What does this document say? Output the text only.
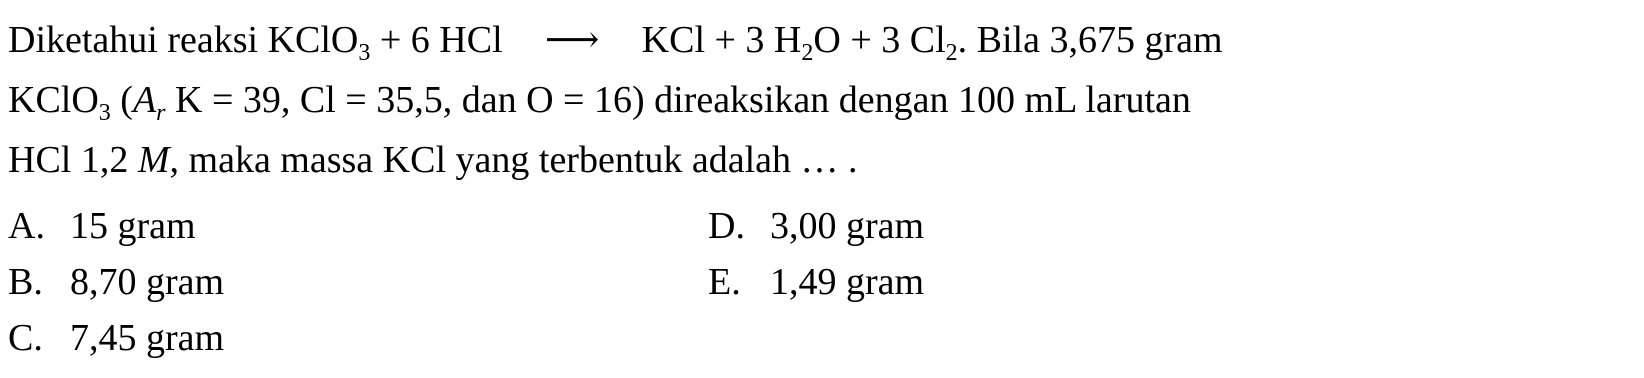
Diketahui reaksi KClO$_3$ + 6 HCl ⟶ KCl + 3 $H_2O + 3$ $Cl_2$. Bila 3,675 gram
KClO$_3$ ($A_r$ K = 39, Cl = 35,5, dan O = 16) direaksikan dengan 100 mL larutan
HCl 1,2 M, maka massa KCl yang terbentuk adalah … .
A. 15 gram
B. 8,70 gram
C. 7,45 gram
D. 3,00 gram
E. 1,49 gram
